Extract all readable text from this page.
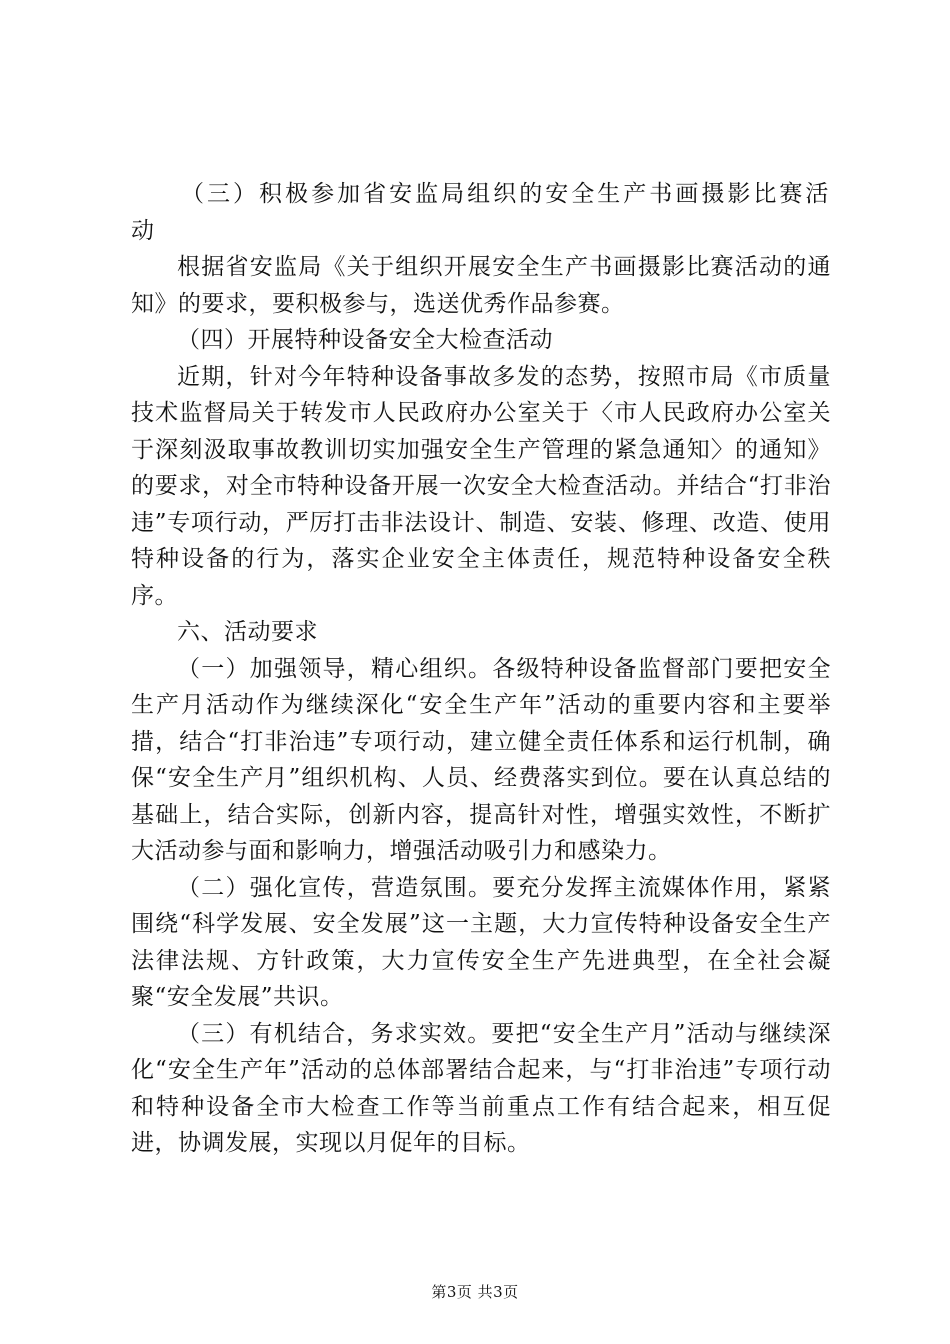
（三）积极参加省安监局组织的安全生产书画摄影比赛活动

根据省安监局《关于组织开展安全生产书画摄影比赛活动的通知》的要求，要积极参与，选送优秀作品参赛。

（四）开展特种设备安全大检查活动

近期，针对今年特种设备事故多发的态势，按照市局《市质量技术监督局关于转发市人民政府办公室关于〈市人民政府办公室关于深刻汲取事故教训切实加强安全生产管理的紧急通知〉的通知》的要求，对全市特种设备开展一次安全大检查活动。并结合“打非治违”专项行动，严厉打击非法设计、制造、安装、修理、改造、使用特种设备的行为，落实企业安全主体责任，规范特种设备安全秩序。

六、活动要求

（一）加强领导，精心组织。各级特种设备监督部门要把安全生产月活动作为继续深化“安全生产年”活动的重要内容和主要举措，结合“打非治违”专项行动，建立健全责任体系和运行机制，确保“安全生产月”组织机构、人员、经费落实到位。要在认真总结的基础上，结合实际，创新内容，提高针对性，增强实效性，不断扩大活动参与面和影响力，增强活动吸引力和感染力。

（二）强化宣传，营造氛围。要充分发挥主流媒体作用，紧紧围绕“科学发展、安全发展”这一主题，大力宣传特种设备安全生产法律法规、方针政策，大力宣传安全生产先进典型，在全社会凝聚“安全发展”共识。

（三）有机结合，务求实效。要把“安全生产月”活动与继续深化“安全生产年”活动的总体部署结合起来，与“打非治违”专项行动和特种设备全市大检查工作等当前重点工作有结合起来，相互促进，协调发展，实现以月促年的目标。

第3页 共3页
